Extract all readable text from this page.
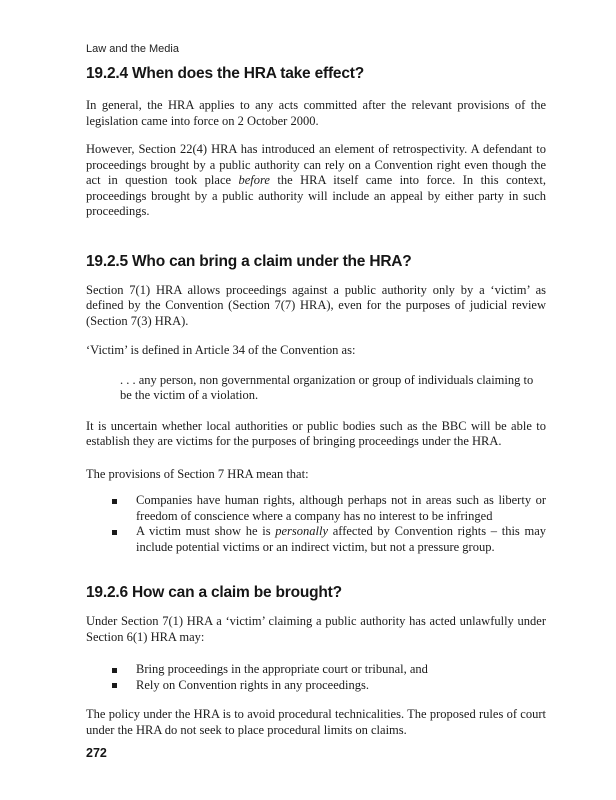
Law and the Media
19.2.4 When does the HRA take effect?

In general, the HRA applies to any acts committed after the relevant provisions of the legislation came into force on 2 October 2000.

However, Section 22(4) HRA has introduced an element of retrospectivity. A defendant to proceedings brought by a public authority can rely on a Convention right even though the act in question took place before the HRA itself came into force. In this context, proceedings brought by a public authority will include an appeal by either party in such proceedings.

19.2.5 Who can bring a claim under the HRA?

Section 7(1) HRA allows proceedings against a public authority only by a ‘victim’ as defined by the Convention (Section 7(7) HRA), even for the purposes of judicial review (Section 7(3) HRA).

‘Victim’ is defined in Article 34 of the Convention as:

. . . any person, non governmental organization or group of individuals claiming to be the victim of a violation.

It is uncertain whether local authorities or public bodies such as the BBC will be able to establish they are victims for the purposes of bringing proceedings under the HRA.

The provisions of Section 7 HRA mean that:

Companies have human rights, although perhaps not in areas such as liberty or freedom of conscience where a company has no interest to be infringed
A victim must show he is personally affected by Convention rights – this may include potential victims or an indirect victim, but not a pressure group.
19.2.6 How can a claim be brought?

Under Section 7(1) HRA a ‘victim’ claiming a public authority has acted unlawfully under Section 6(1) HRA may:

Bring proceedings in the appropriate court or tribunal, and
Rely on Convention rights in any proceedings.

The policy under the HRA is to avoid procedural technicalities. The proposed rules of court under the HRA do not seek to place procedural limits on claims.

272
